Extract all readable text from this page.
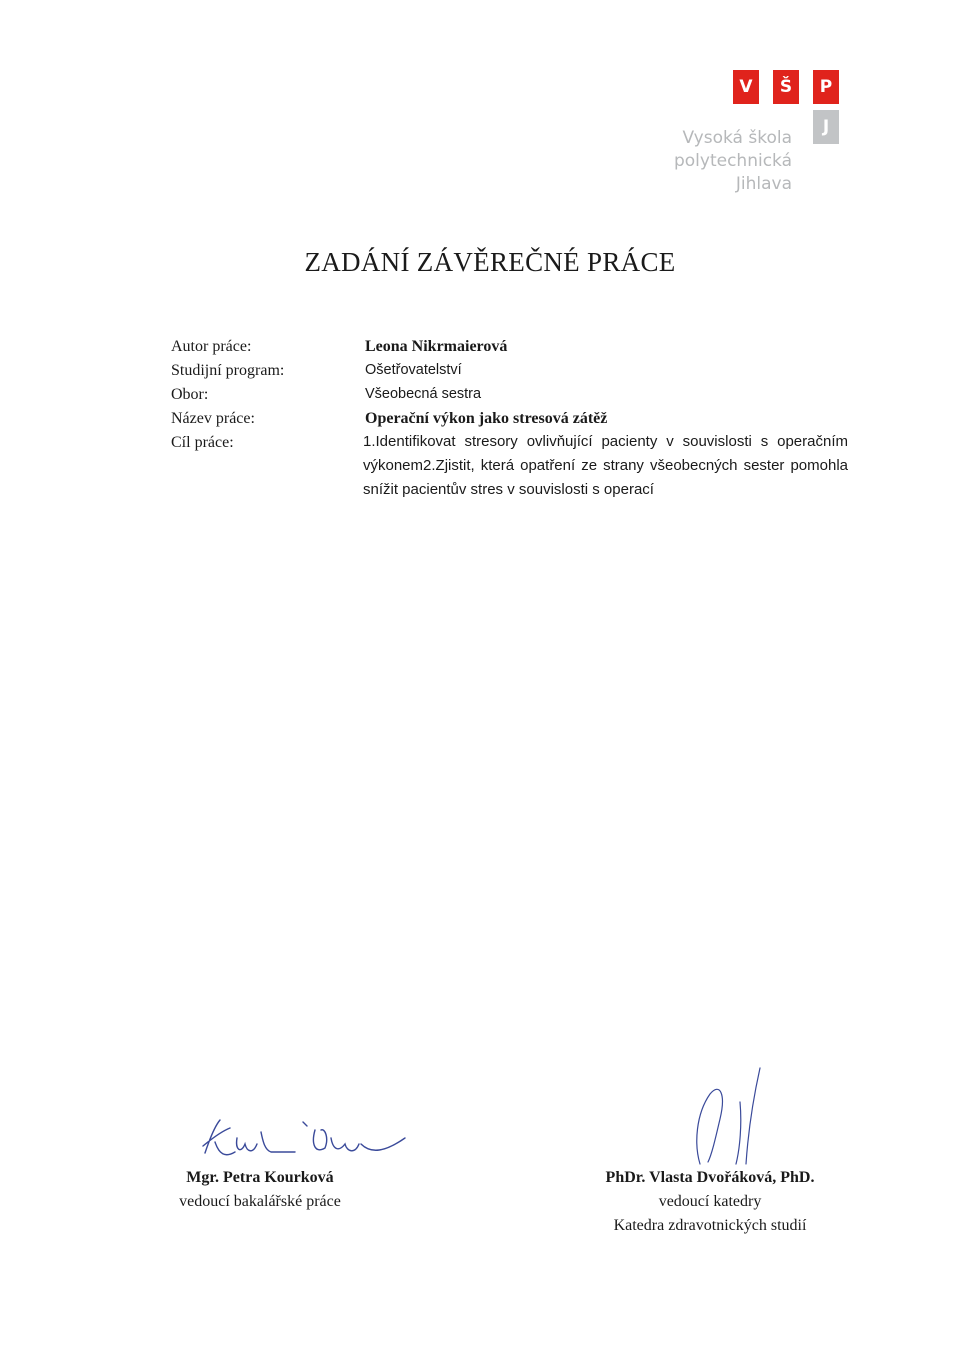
V	Š	P
J
Vysoká škola
polytechnická
Jihlava
ZADÁNÍ ZÁVĚREČNÉ PRÁCE
Autor práce:	Leona Nikrmaierová
Studijní program:	Ošetřovatelství
Obor:	Všeobecná sestra
Název práce:	Operační výkon jako stresová zátěž
Cíl práce:	1.Identifikovat stresory ovlivňující pacienty v souvislosti s operačním výkonem2.Zjistit, která opatření ze strany všeobecných sester pomohla snížit pacientův stres v souvislosti s operací
Mgr. Petra Kourková
vedoucí bakalářské práce
PhDr. Vlasta Dvořáková, PhD.
vedoucí katedry
Katedra zdravotnických studií
